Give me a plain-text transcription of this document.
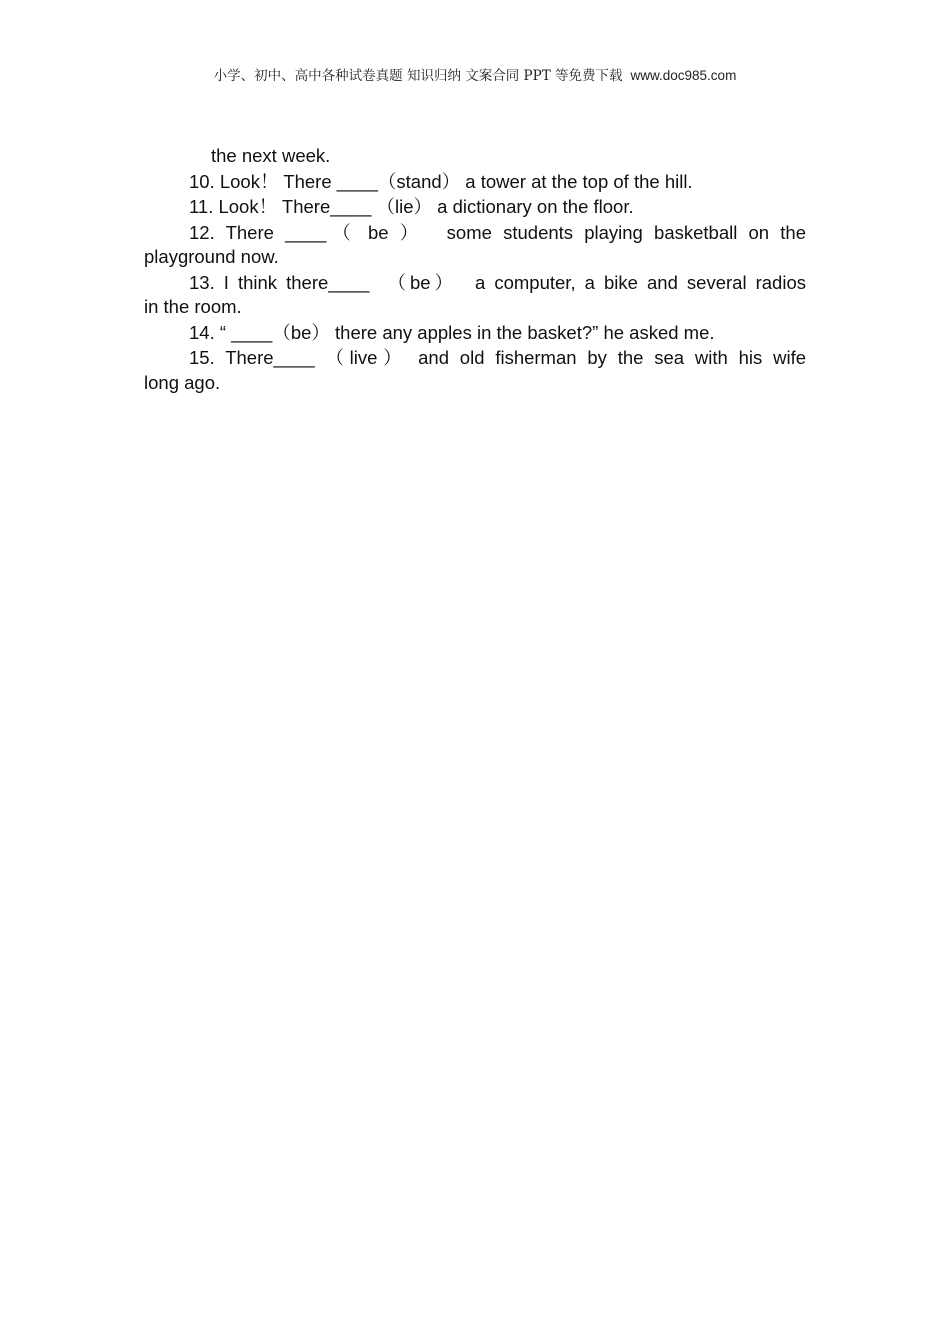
小学、初中、高中各种试卷真题 知识归纳 文案合同 PPT 等免费下载 www.doc985.com
the next week.
10. Look！ There ____（stand） a tower at the top of the hill.
11. Look！ There____ （lie） a dictionary on the floor.
12. There ____（ be ）  some students playing basketball on the
playground now.
13. I think there____  （be）  a computer, a bike and several radios
in the room.
14. “ ____（be） there any apples in the basket?” he asked me.
15. There____ （live） and old fisherman by the sea with his wife
long ago.
